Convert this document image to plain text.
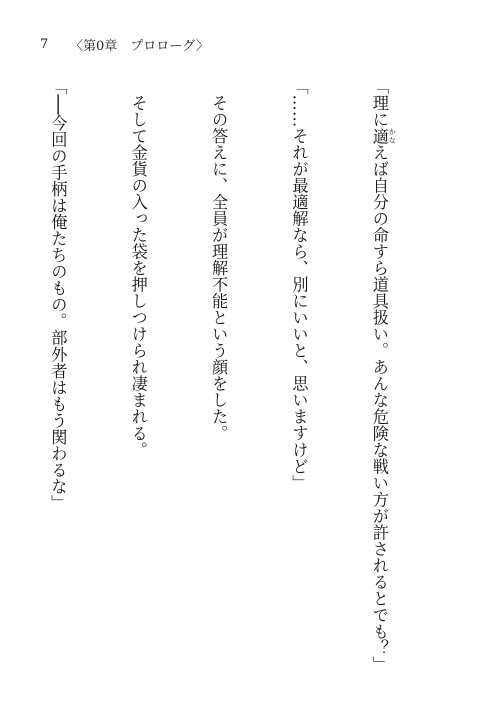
7	〈第0章　プロローグ〉

「理に適 かなえば自分の命すら道具扱い。あんな危険な戦い方が許されるとでも？」

「……それが最適解なら、別にいいと、思いますけど」

　その答えに、全員が理解不能という顔をした。

　そして金貨の入った袋を押しつけられ凄まれる。

「──今回の手柄は俺たちのもの。部外者はもう関わるな」
